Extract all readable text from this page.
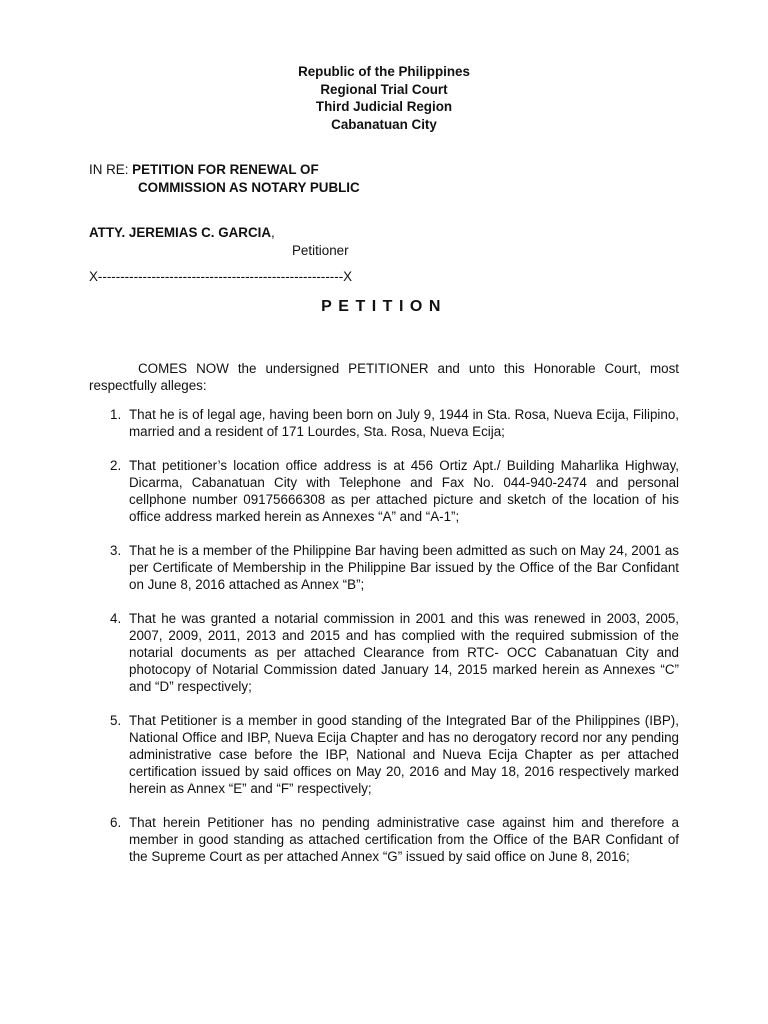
Republic of the Philippines
Regional Trial Court
Third Judicial Region
Cabanatuan City
IN RE: PETITION FOR RENEWAL OF
COMMISSION AS NOTARY PUBLIC
ATTY. JEREMIAS C. GARCIA,
Petitioner
X-------------------------------------------------------X
PETITION
COMES NOW the undersigned PETITIONER and unto this Honorable Court, most respectfully alleges:
1. That he is of legal age, having been born on July 9, 1944 in Sta. Rosa, Nueva Ecija, Filipino, married and a resident of 171 Lourdes, Sta. Rosa, Nueva Ecija;
2. That petitioner’s location office address is at 456 Ortiz Apt./ Building Maharlika Highway, Dicarma, Cabanatuan City with Telephone and Fax No. 044-940-2474 and personal cellphone number 09175666308 as per attached picture and sketch of the location of his office address marked herein as Annexes “A” and “A-1”;
3. That he is a member of the Philippine Bar having been admitted as such on May 24, 2001 as per Certificate of Membership in the Philippine Bar issued by the Office of the Bar Confidant on June 8, 2016 attached as Annex “B”;
4. That he was granted a notarial commission in 2001 and this was renewed in 2003, 2005, 2007, 2009, 2011, 2013 and 2015 and has complied with the required submission of the notarial documents as per attached Clearance from RTC- OCC Cabanatuan City and photocopy of Notarial Commission dated January 14, 2015 marked herein as Annexes “C” and “D” respectively;
5. That Petitioner is a member in good standing of the Integrated Bar of the Philippines (IBP), National Office and IBP, Nueva Ecija Chapter and has no derogatory record nor any pending administrative case before the IBP, National and Nueva Ecija Chapter as per attached certification issued by said offices on May 20, 2016 and May 18, 2016 respectively marked herein as Annex “E” and “F” respectively;
6. That herein Petitioner has no pending administrative case against him and therefore a member in good standing as attached certification from the Office of the BAR Confidant of the Supreme Court as per attached Annex “G” issued by said office on June 8, 2016;
